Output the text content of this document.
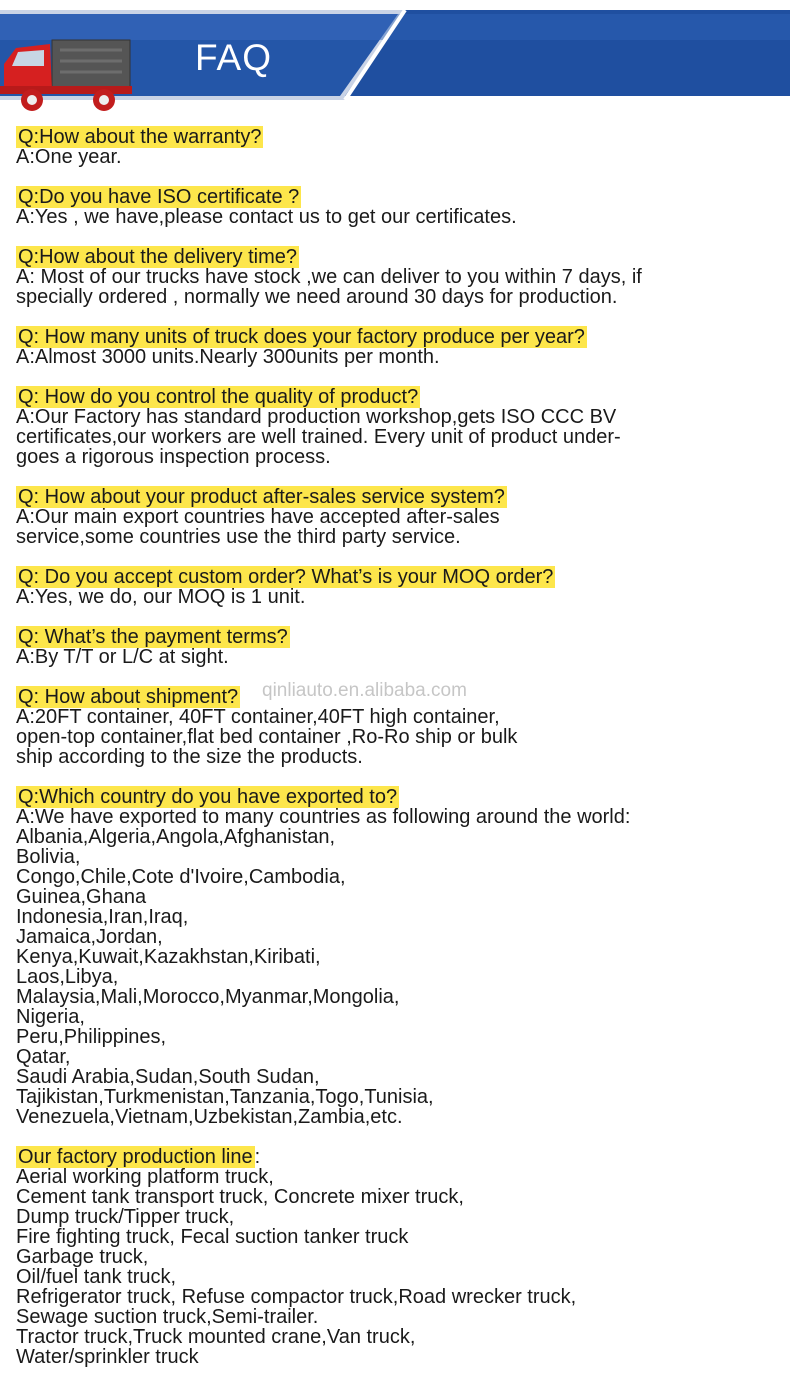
FAQ
Q:How about the warranty?
A:One year.
Q:Do you have ISO certificate ?
A:Yes , we have,please contact us to get our certificates.
Q:How about the delivery time?
A: Most of our trucks have stock ,we can deliver to you within 7 days, if
specially ordered , normally we need around 30 days for production.
Q: How many units of truck does your factory produce per year?
A:Almost 3000 units.Nearly 300units per month.
Q: How do you control the quality of product?
A:Our Factory has standard production workshop,gets ISO CCC BV
certificates,our workers are well trained. Every unit of product under-
goes a rigorous inspection process.
Q: How about your product after-sales service system?
A:Our main export countries have accepted after-sales
service,some countries use the third party service.
Q: Do you accept custom order? What’s is your MOQ order?
A:Yes, we do, our MOQ is 1 unit.
Q: What’s the payment terms?
A:By T/T or L/C at sight.
Q: How about shipment?
A:20FT container, 40FT container,40FT high container,
open-top container,flat bed container ,Ro-Ro ship or bulk
ship according to the size the products.
Q:Which country do you have exported to?
A:We have exported to many countries as following around the world:
Albania,Algeria,Angola,Afghanistan,
Bolivia,
Congo,Chile,Cote d'Ivoire,Cambodia,
Guinea,Ghana
Indonesia,Iran,Iraq,
Jamaica,Jordan,
Kenya,Kuwait,Kazakhstan,Kiribati,
Laos,Libya,
Malaysia,Mali,Morocco,Myanmar,Mongolia,
Nigeria,
Peru,Philippines,
Qatar,
Saudi Arabia,Sudan,South Sudan,
Tajikistan,Turkmenistan,Tanzania,Togo,Tunisia,
Venezuela,Vietnam,Uzbekistan,Zambia,etc.
Our factory production line :
Aerial working platform truck,
Cement tank transport truck, Concrete mixer truck,
Dump truck/Tipper truck,
Fire fighting truck, Fecal suction tanker truck
Garbage truck,
Oil/fuel tank truck,
Refrigerator truck, Refuse compactor truck,Road wrecker truck,
Sewage suction truck,Semi-trailer.
Tractor truck,Truck mounted crane,Van truck,
Water/sprinkler truck
qinliauto.en.alibaba.com
